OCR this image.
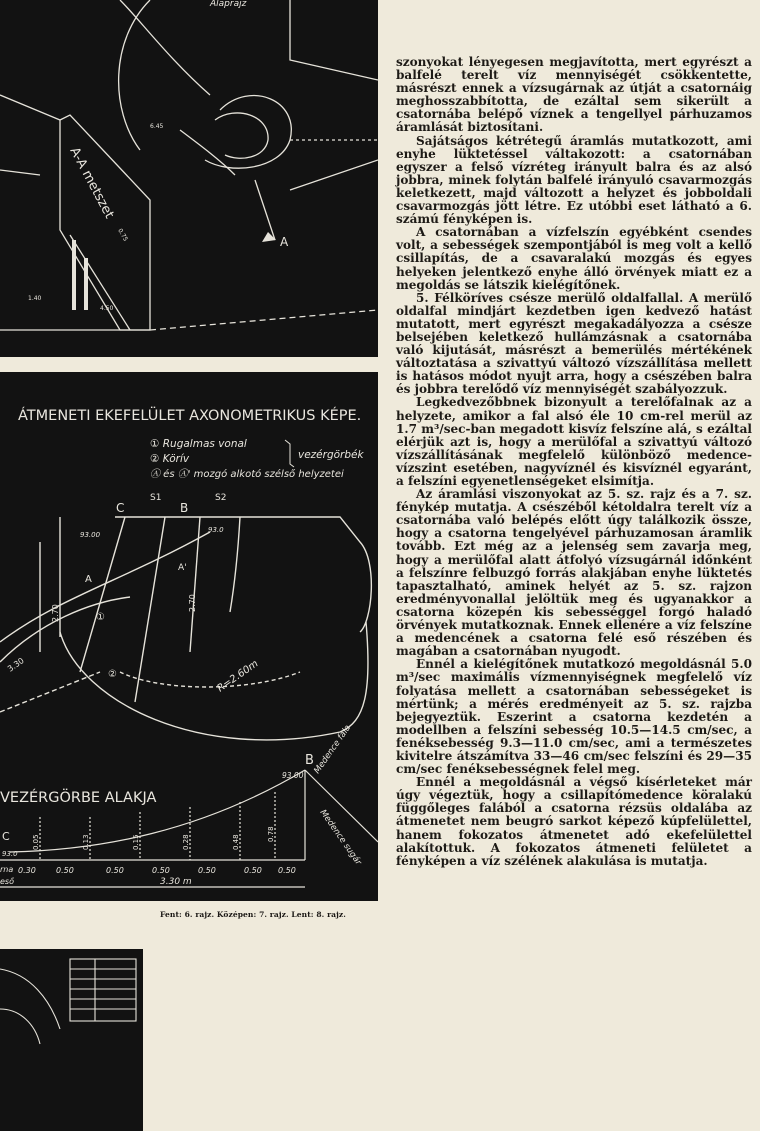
A-A metszet
A
Alaprajz
4.50
0.75
6.45
1.40
ÁTMENETI EKEFELÜLET AXONOMETRIKUS KÉPE.
① Rugalmas vonal
② Körív
Ⓐ és Ⓐ' mozgó alkotó szélső helyzetei
vezérgörbék
C	B
S1	S2
A
A'
①
②
93.00
93.0
2.70
2.70
3.30	R=2.60m
VEZÉRGÖRBE ALAKJA
B
93.00 Medence fala
Medence sugár
0.05	0.13	0.15	0.28	0.48
0.78
0.30	0.50	0.50	0.50	0.50	0.50 0.50
3.30 m
C
93.0
rna
eső
Fent: 6. rajz. Középen: 7. rajz. Lent: 8. rajz.

szonyokat lényegesen megjavította, mert egyrészt a balfelé terelt víz mennyiségét csökkentette, másrészt ennek a vízsugárnak az útját a csatornáig meghosszabbította, de ezáltal sem sikerült a csatornába belépő víznek a tengellyel párhuzamos áramlását biztosítani.

Sajátságos kétrétegű áramlás mutatkozott, ami enyhe lüktetéssel váltakozott: a csatornában egyszer a felső vízréteg irányult balra és az alsó jobbra, minek folytán balfelé irányuló csavarmozgás keletkezett, majd változott a helyzet és jobboldali csavarmozgás jött létre. Ez utóbbi eset látható a 6. számú fényképen is.

A csatornában a vízfelszín egyébként csendes volt, a sebességek szempontjából is meg volt a kellő csillapítás, de a csavaralakú mozgás és egyes helyeken jelentkező enyhe álló örvények miatt ez a megoldás se látszik kielégítőnek.

5. Félköríves csésze merülő oldalfallal. A merülő oldalfal mindjárt kezdetben igen kedvező hatást mutatott, mert egyrészt megakadályozza a csésze belsejében keletkező hullámzásnak a csatornába való kijutását, másrészt a bemerülés mértékének változtatása a szivattyú változó vízszállítása mellett is hatásos módot nyujt arra, hogy a csészében balra és jobbra terelődő víz mennyiségét szabályozzuk.

Legkedvezőbbnek bizonyult a terelőfalnak az a helyzete, amikor a fal alsó éle 10 cm-rel merül az 1.7 m³/sec-ban megadott kisvíz felszíne alá, s ezáltal elérjük azt is, hogy a merülőfal a szivattyú változó vízszállításának megfelelő különböző medence-vízszint esetében, nagyvíznél és kisvíznél egyaránt, a felszíni egyenetlenségeket elsimítja.

Az áramlási viszonyokat az 5. sz. rajz és a 7. sz. fénykép mutatja. A csészéből kétoldalra terelt víz a csatornába való belépés előtt úgy találkozik össze, hogy a csatorna tengelyével párhuzamosan áramlik tovább. Ezt még az a jelenség sem zavarja meg, hogy a merülőfal alatt átfolyó vízsugárnál időnként a felszínre felbuzgó forrás alakjában enyhe lüktetés tapasztalható, aminek helyét az 5. sz. rajzon eredményvonallal jelöltük meg és ugyanakkor a csatorna közepén kis sebességgel forgó haladó örvények mutatkoznak. Ennek ellenére a víz felszíne a medencének a csatorna felé eső részében és magában a csatornában nyugodt.

Ennél a kielégítőnek mutatkozó megoldásnál 5.0 m³/sec maximális vízmennyiségnek megfelelő víz folyatása mellett a csatornában sebességeket is mértünk; a mérés eredményeit az 5. sz. rajzba bejegyeztük. Eszerint a csatorna kezdetén a modellben a felszíni sebesség 10.5—14.5 cm/sec, a fenéksebesség 9.3—11.0 cm/sec, ami a természetes kivitelre átszámítva 33—46 cm/sec felszíni és 29—35 cm/sec fenéksebességnek felel meg.

Ennél a megoldásnál a végső kísérleteket már úgy végeztük, hogy a csillapítómedence köralakú függőleges falából a csatorna rézsüs oldalába az átmenetet nem beugró sarkot képező kúpfelülettel, hanem fokozatos átmenetet adó ekefelülettel alakítottuk. A fokozatos átmeneti felületet a fényképen a víz szélének alakulása is mutatja.
